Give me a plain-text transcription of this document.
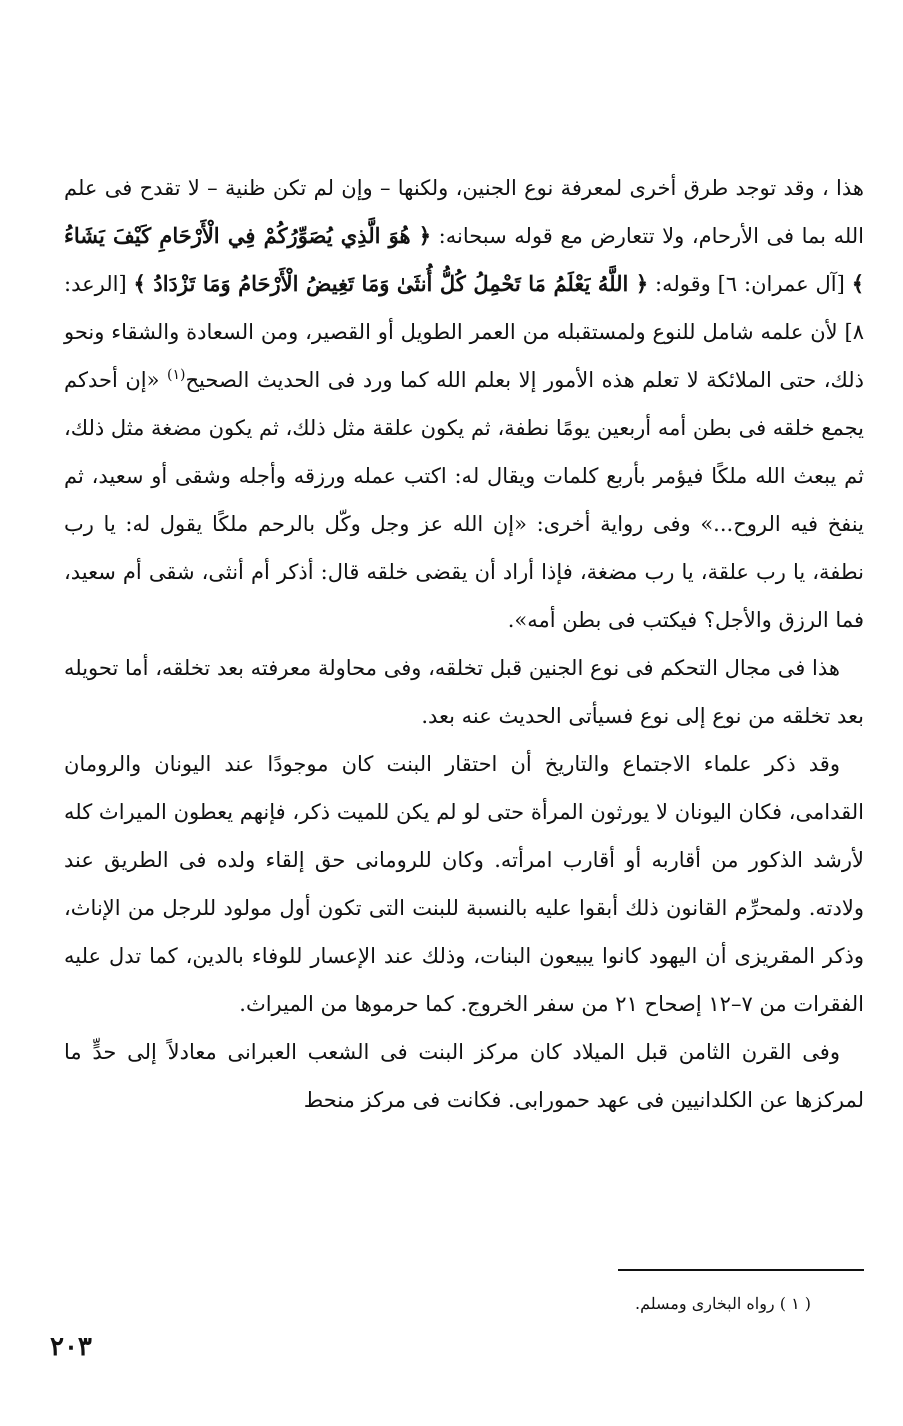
هذا ، وقد توجد طرق أخرى لمعرفة نوع الجنين، ولكنها – وإن لم تكن ظنية – لا تقدح فى علم الله بما فى الأرحام، ولا تتعارض مع قوله سبحانه: ﴿ هُوَ الَّذِي يُصَوِّرُكُمْ فِي الْأَرْحَامِ كَيْفَ يَشَاءُ ﴾ [آل عمران: ٦] وقوله: ﴿ اللَّهُ يَعْلَمُ مَا تَحْمِلُ كُلُّ أُنثَىٰ وَمَا تَغِيضُ الْأَرْحَامُ وَمَا تَزْدَادُ ﴾ [الرعد: ٨] لأن علمه شامل للنوع ولمستقبله من العمر الطويل أو القصير، ومن السعادة والشقاء ونحو ذلك، حتى الملائكة لا تعلم هذه الأمور إلا بعلم الله كما ورد فى الحديث الصحيح$^{(١)}$ «إن أحدكم يجمع خلقه فى بطن أمه أربعين يومًا نطفة، ثم يكون علقة مثل ذلك، ثم يكون مضغة مثل ذلك، ثم يبعث الله ملكًا فيؤمر بأربع كلمات ويقال له: اكتب عمله ورزقه وأجله وشقى أو سعيد، ثم ينفخ فيه الروح...» وفى رواية أخرى: «إن الله عز وجل وكّل بالرحم ملكًا يقول له: يا رب نطفة، يا رب علقة، يا رب مضغة، فإذا أراد أن يقضى خلقه قال: أذكر أم أنثى، شقى أم سعيد، فما الرزق والأجل؟ فيكتب فى بطن أمه».

هذا فى مجال التحكم فى نوع الجنين قبل تخلقه، وفى محاولة معرفته بعد تخلقه، أما تحويله بعد تخلقه من نوع إلى نوع فسيأتى الحديث عنه بعد.

وقد ذكر علماء الاجتماع والتاريخ أن احتقار البنت كان موجودًا عند اليونان والرومان القدامى، فكان اليونان لا يورثون المرأة حتى لو لم يكن للميت ذكر، فإنهم يعطون الميراث كله لأرشد الذكور من أقاربه أو أقارب امرأته. وكان للرومانى حق إلقاء ولده فى الطريق عند ولادته. ولمحرِّم القانون ذلك أبقوا عليه بالنسبة للبنت التى تكون أول مولود للرجل من الإناث، وذكر المقريزى أن اليهود كانوا يبيعون البنات، وذلك عند الإعسار للوفاء بالدين، كما تدل عليه الفقرات من ٧–١٢ إصحاح ٢١ من سفر الخروج. كما حرموها من الميراث.

وفى القرن الثامن قبل الميلاد كان مركز البنت فى الشعب العبرانى معادلاً إلى حدٍّ ما لمركزها عن الكلدانيين فى عهد حمورابى. فكانت فى مركز منحط

( ١ ) رواه البخارى ومسلم.
٢٠٣
